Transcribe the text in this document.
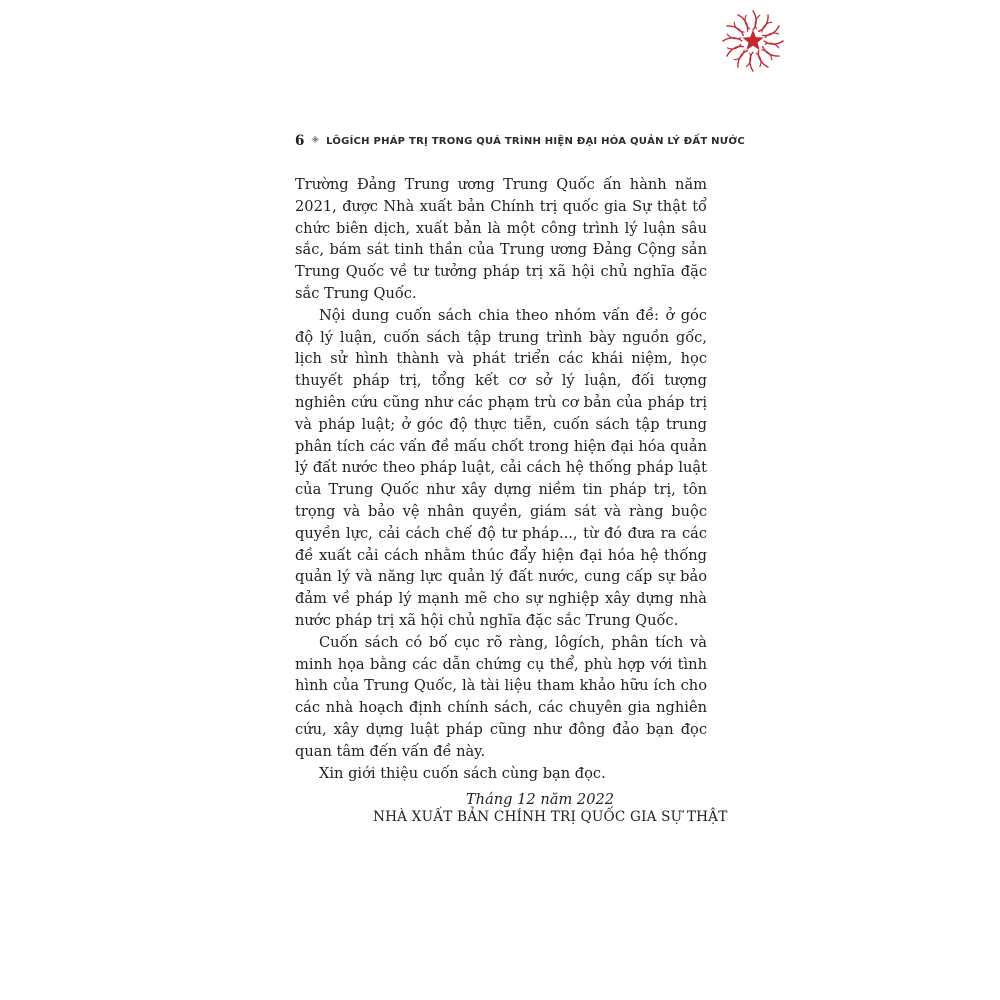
6 ◈ LÔGÍCH PHÁP TRỊ TRONG QUÁ TRÌNH HIỆN ĐẠI HÓA QUẢN LÝ ĐẤT NƯỚC

Trường Đảng Trung ương Trung Quốc ấn hành năm 2021, được Nhà xuất bản Chính trị quốc gia Sự thật tổ chức biên dịch, xuất bản là một công trình lý luận sâu sắc, bám sát tinh thần của Trung ương Đảng Cộng sản Trung Quốc về tư tưởng pháp trị xã hội chủ nghĩa đặc sắc Trung Quốc.

Nội dung cuốn sách chia theo nhóm vấn đề: ở góc độ lý luận, cuốn sách tập trung trình bày nguồn gốc, lịch sử hình thành và phát triển các khái niệm, học thuyết pháp trị, tổng kết cơ sở lý luận, đối tượng nghiên cứu cũng như các phạm trù cơ bản của pháp trị và pháp luật; ở góc độ thực tiễn, cuốn sách tập trung phân tích các vấn đề mấu chốt trong hiện đại hóa quản lý đất nước theo pháp luật, cải cách hệ thống pháp luật của Trung Quốc như xây dựng niềm tin pháp trị, tôn trọng và bảo vệ nhân quyền, giám sát và ràng buộc quyền lực, cải cách chế độ tư pháp..., từ đó đưa ra các đề xuất cải cách nhằm thúc đẩy hiện đại hóa hệ thống quản lý và năng lực quản lý đất nước, cung cấp sự bảo đảm về pháp lý mạnh mẽ cho sự nghiệp xây dựng nhà nước pháp trị xã hội chủ nghĩa đặc sắc Trung Quốc.

Cuốn sách có bố cục rõ ràng, lôgích, phân tích và minh họa bằng các dẫn chứng cụ thể, phù hợp với tình hình của Trung Quốc, là tài liệu tham khảo hữu ích cho các nhà hoạch định chính sách, các chuyên gia nghiên cứu, xây dựng luật pháp cũng như đông đảo bạn đọc quan tâm đến vấn đề này.

Xin giới thiệu cuốn sách cùng bạn đọc.

Tháng 12 năm 2022

NHÀ XUẤT BẢN CHÍNH TRỊ QUỐC GIA SỰ THẬT
